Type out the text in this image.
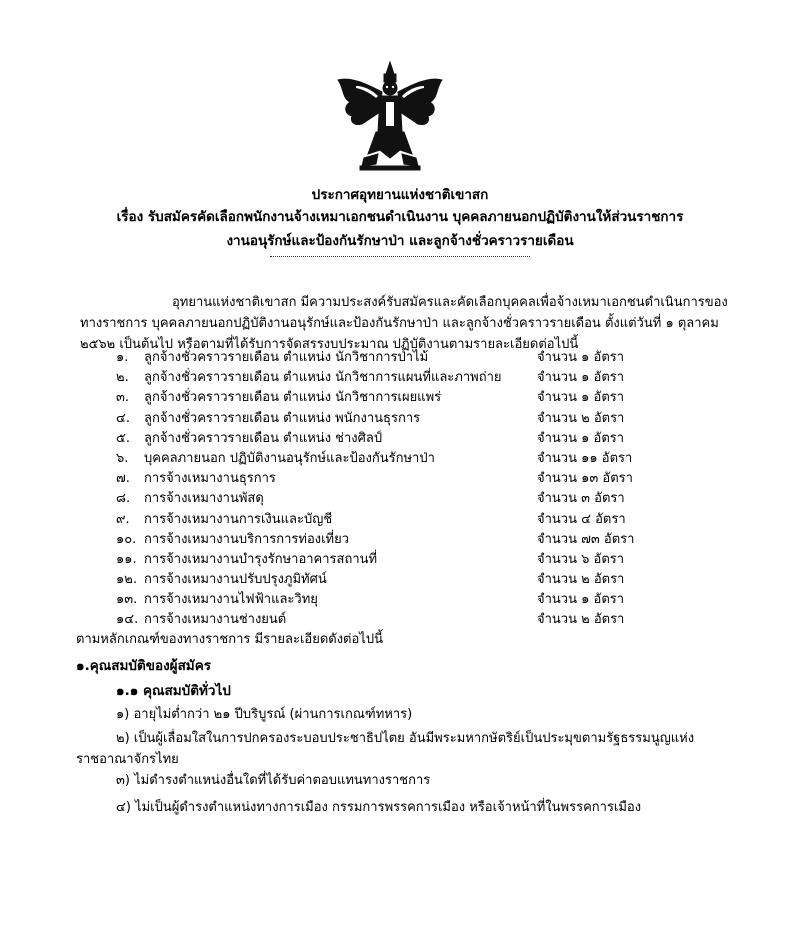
ประกาศอุทยานแห่งชาติเขาสก
เรื่อง รับสมัครคัดเลือกพนักงานจ้างเหมาเอกชนดำเนินงาน บุคคลภายนอกปฏิบัติงานให้ส่วนราชการ
งานอนุรักษ์และป้องกันรักษาป่า และลูกจ้างชั่วคราวรายเดือน
อุทยานแห่งชาติเขาสก มีความประสงค์รับสมัครและคัดเลือกบุคคลเพื่อจ้างเหมาเอกชนดำเนินการของทางราชการ บุคคลภายนอกปฏิบัติงานอนุรักษ์และป้องกันรักษาป่า และลูกจ้างชั่วคราวรายเดือน ตั้งแต่วันที่ ๑ ตุลาคม ๒๕๖๒ เป็นต้นไป หรือตามที่ได้รับการจัดสรรงบประมาณ ปฏิบัติงานตามรายละเอียดต่อไปนี้
๑. ลูกจ้างชั่วคราวรายเดือน ตำแหน่ง นักวิชาการป่าไม้	จำนวน ๑ อัตรา
๒. ลูกจ้างชั่วคราวรายเดือน ตำแหน่ง นักวิชาการแผนที่และภาพถ่าย	จำนวน ๑ อัตรา
๓. ลูกจ้างชั่วคราวรายเดือน ตำแหน่ง นักวิชาการเผยแพร่	จำนวน ๑ อัตรา
๔. ลูกจ้างชั่วคราวรายเดือน ตำแหน่ง พนักงานธุรการ	จำนวน ๒ อัตรา
๕. ลูกจ้างชั่วคราวรายเดือน ตำแหน่ง ช่างศิลป์	จำนวน ๑ อัตรา
๖. บุคคลภายนอก ปฏิบัติงานอนุรักษ์และป้องกันรักษาป่า	จำนวน ๑๑ อัตรา
๗. การจ้างเหมางานธุรการ	จำนวน ๑๓ อัตรา
๘. การจ้างเหมางานพัสดุ	จำนวน ๓ อัตรา
๙. การจ้างเหมางานการเงินและบัญชี	จำนวน ๔ อัตรา
๑๐. การจ้างเหมางานบริการการท่องเที่ยว	จำนวน ๗๓ อัตรา
๑๑. การจ้างเหมางานบำรุงรักษาอาคารสถานที่	จำนวน ๖ อัตรา
๑๒. การจ้างเหมางานปรับปรุงภูมิทัศน์	จำนวน ๒ อัตรา
๑๓. การจ้างเหมางานไฟฟ้าและวิทยุ	จำนวน ๑ อัตรา
๑๔. การจ้างเหมางานช่างยนต์	จำนวน ๒ อัตรา
ตามหลักเกณฑ์ของทางราชการ มีรายละเอียดดังต่อไปนี้
๑.คุณสมบัติของผู้สมัคร
๑.๑ คุณสมบัติทั่วไป
๑) อายุไม่ต่ำกว่า ๒๑ ปีบริบูรณ์ (ผ่านการเกณฑ์ทหาร)
๒) เป็นผู้เลื่อมใสในการปกครองระบอบประชาธิปไตย อันมีพระมหากษัตริย์เป็นประมุขตามรัฐธรรมนูญแห่ง
ราชอาณาจักรไทย
๓) ไม่ดำรงตำแหน่งอื่นใดที่ได้รับค่าตอบแทนทางราชการ
๔) ไม่เป็นผู้ดำรงตำแหน่งทางการเมือง กรรมการพรรคการเมือง หรือเจ้าหน้าที่ในพรรคการเมือง
